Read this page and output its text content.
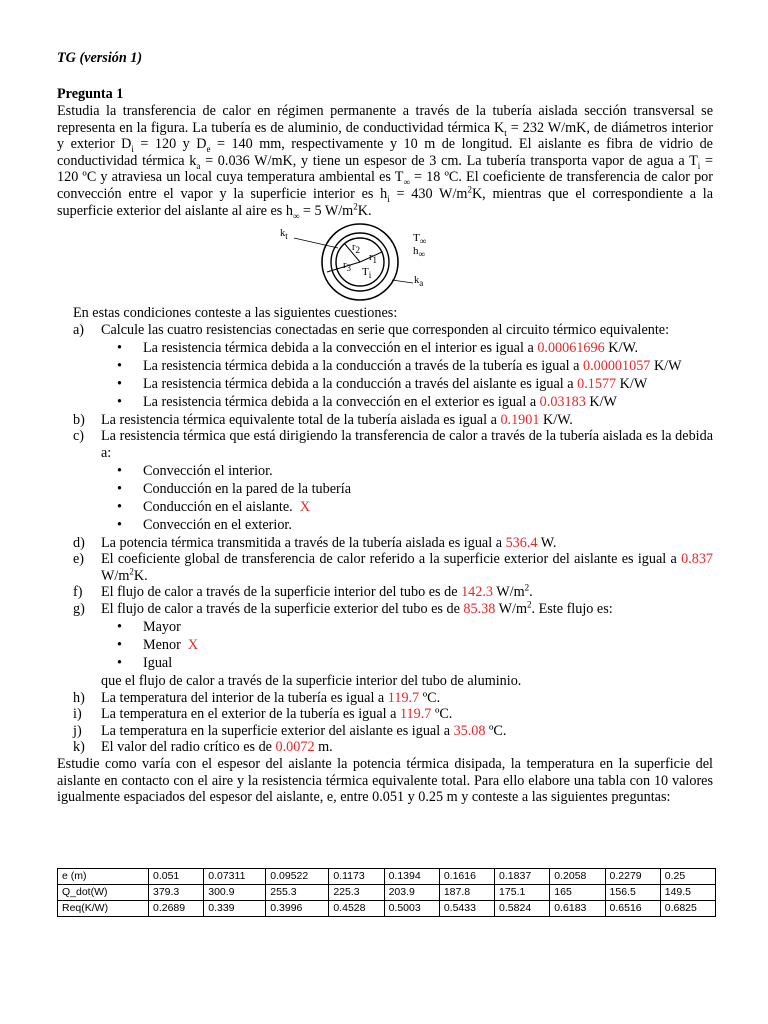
TG (versión 1)
Pregunta 1
Estudia la transferencia de calor en régimen permanente a través de la tubería aislada sección transversal se representa en la figura. La tubería es de aluminio, de conductividad térmica $K_t = 232$ W/mK, de diámetros interior y exterior $D_i = 120$ y $D_e = 140$ mm, respectivamente y 10 m de longitud. El aislante es fibra de vidrio de conductividad térmica $k_a = 0.036$ W/mK, y tiene un espesor de 3 cm. La tubería transporta vapor de agua a $T_i = 120$ ºC y atraviesa un local cuya temperatura ambiental es $T_\infty = 18$ ºC. El coeficiente de transferencia de calor por convección entre el vapor y la superficie interior es $h_i = 430$ $W/m^2K$, mientras que el correspondiente a la superficie exterior del aislante al aire es $h_\infty = 5$ $W/m^2K$.
$k_t$
$r_2$
$r_1$
$r_3$	$T_i$
$T_\infty$
$h_\infty$
$k_a$
En estas condiciones conteste a las siguientes cuestiones:
a)	Calcule las cuatro resistencias conectadas en serie que corresponden al circuito térmico equivalente:
• La resistencia térmica debida a la convección en el interior es igual a 0.00061696 K/W.
• La resistencia térmica debida a la conducción a través de la tubería es igual a 0.00001057 K/W
• La resistencia térmica debida a la conducción a través del aislante es igual a 0.1577 K/W
• La resistencia térmica debida a la convección en el exterior es igual a 0.03183 K/W
b)	La resistencia térmica equivalente total de la tubería aislada es igual a 0.1901 K/W.
c)	La resistencia térmica que está dirigiendo la transferencia de calor a través de la tubería aislada es la debida a:
• Convección el interior.
• Conducción en la pared de la tubería
• Conducción en el aislante. X
• Convección en el exterior.
d)	La potencia térmica transmitida a través de la tubería aislada es igual a 536.4 W.
e)	El coeficiente global de transferencia de calor referido a la superficie exterior del aislante es igual a 0.837 $W/m^2K$.
f)	El flujo de calor a través de la superficie interior del tubo es de 142.3 $W/m^2$.
g)	El flujo de calor a través de la superficie exterior del tubo es de 85.38 $W/m^2$. Este flujo es:
• Mayor
• Menor X
• Igual
que el flujo de calor a través de la superficie interior del tubo de aluminio.
h)	La temperatura del interior de la tubería es igual a 119.7 ºC.
i)	La temperatura en el exterior de la tubería es igual a 119.7 ºC.
j)	La temperatura en la superficie exterior del aislante es igual a 35.08 ºC.
k)	El valor del radio crítico es de 0.0072 m.
Estudie como varía con el espesor del aislante la potencia térmica disipada, la temperatura en la superficie del aislante en contacto con el aire y la resistencia térmica equivalente total. Para ello elabore una tabla con 10 valores igualmente espaciados del espesor del aislante, e, entre 0.051 y 0.25 m y conteste a las siguientes preguntas:
e (m)	0.051	0.07311	0.09522	0.1173	0.1394	0.1616	0.1837	0.2058	0.2279	0.25
Q_dot(W)	379.3	300.9	255.3	225.3	203.9	187.8	175.1	165	156.5	149.5
Req(K/W)	0.2689	0.339	0.3996	0.4528	0.5003	0.5433	0.5824	0.6183	0.6516	0.6825
